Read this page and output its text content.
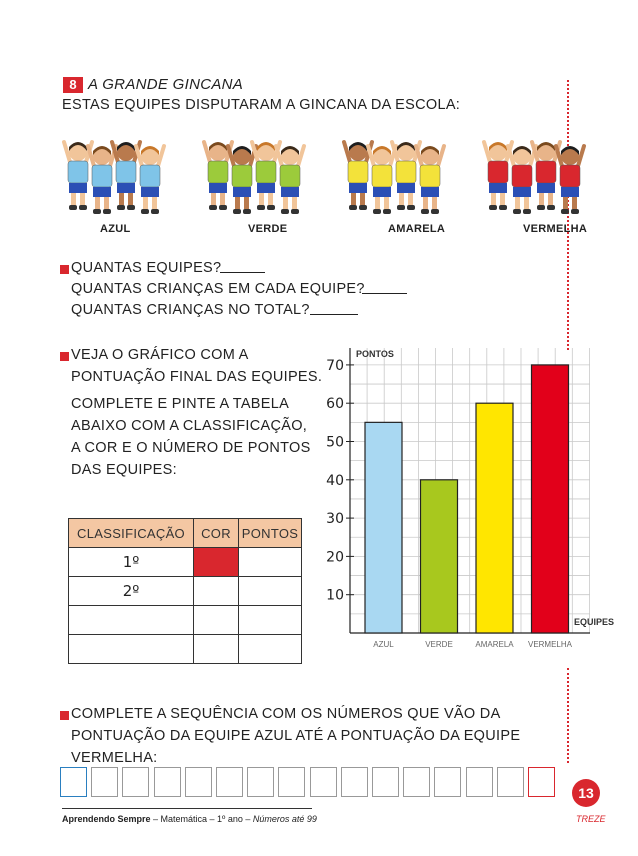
8 A GRANDE GINCANA
ESTAS EQUIPES DISPUTARAM A GINCANA DA ESCOLA:
AZUL	VERDE	AMARELA	VERMELHA
QUANTAS EQUIPES?
QUANTAS CRIANÇAS EM CADA EQUIPE?
QUANTAS CRIANÇAS NO TOTAL?
VEJA O GRÁFICO COM A
PONTUAÇÃO FINAL DAS EQUIPES.
COMPLETE E PINTE A TABELA
ABAIXO COM A CLASSIFICAÇÃO,
A COR E O NÚMERO DE PONTOS
DAS EQUIPES:
CLASSIFICAÇÃO	COR	PONTOS
1º		
2º		

PONTOS
EQUIPES
10
20
30
40
50
60
70
AZUL	VERDE	AMARELA VERMELHA
COMPLETE A SEQUÊNCIA COM OS NÚMEROS QUE VÃO DA
PONTUAÇÃO DA EQUIPE AZUL ATÉ A PONTUAÇÃO DA EQUIPE
VERMELHA:
13
Aprendendo Sempre – Matemática – 1º ano – Números até 99	TREZE
